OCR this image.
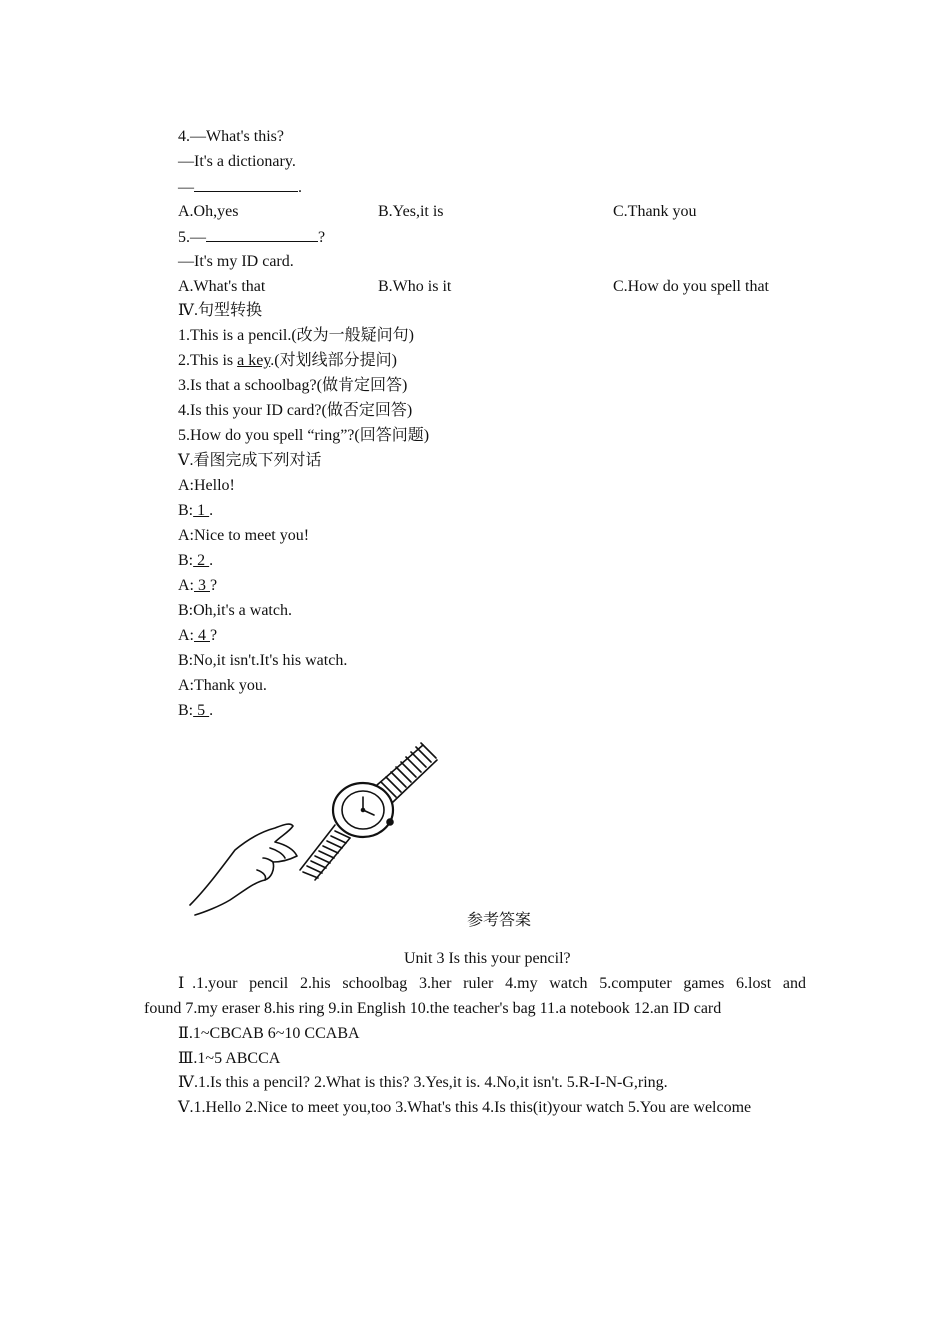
4.—What's this?
—It's a dictionary.
—	.
A.Oh,yes	B.Yes,it is	C.Thank you
5.—	?
—It's my ID card.
A.What's that	B.Who is it	C.How do you spell that
Ⅳ.句型转换
1.This is a pencil.(改为一般疑问句)
2.This is a key.(对划线部分提问)
3.Is that a schoolbag?(做肯定回答)
4.Is this your ID card?(做否定回答)
5.How do you spell “ring”?(回答问题)
Ⅴ.看图完成下列对话
A:Hello!
B: 1 .
A:Nice to meet you!
B: 2 .
A: 3 ?
B:Oh,it's a watch.
A: 4 ?
B:No,it isn't.It's his watch.
A:Thank you.
B: 5 .
参考答案
Unit 3 Is this your pencil?
Ⅰ.1.your pencil 2.his schoolbag 3.her ruler 4.my watch 5.computer games 6.lost and
found 7.my eraser 8.his ring 9.in English 10.the teacher's bag 11.a notebook 12.an ID card
Ⅱ.1~CBCAB 6~10 CCABA
Ⅲ.1~5 ABCCA
Ⅳ.1.Is this a pencil? 2.What is this? 3.Yes,it is. 4.No,it isn't. 5.R-I-N-G,ring.
Ⅴ.1.Hello 2.Nice to meet you,too 3.What's this 4.Is this(it)your watch 5.You are welcome
